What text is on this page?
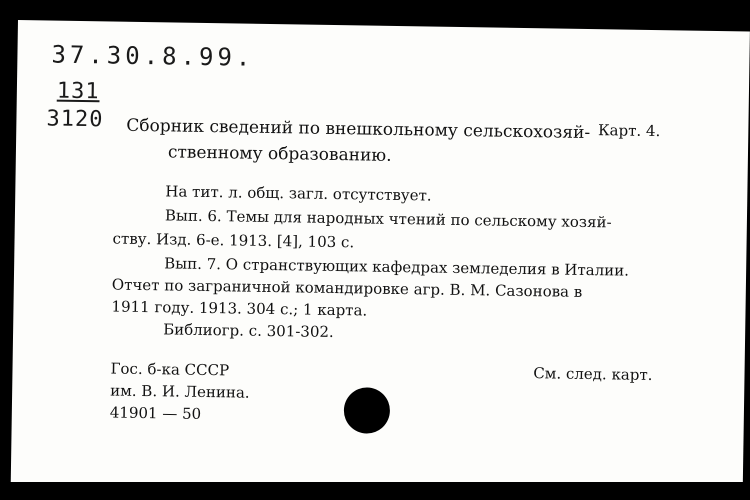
37.30.8.99.
131
3120	Карт. 4.
Сборник сведений по внешкольному сельскохозяй-
ственному образованию.
На тит. л. общ. загл. отсутствует.
Вып. 6. Темы для народных чтений по сельскому хозяй-
ству. Изд. 6-е. 1913. [4], 103 с.
Вып. 7. О странствующих кафедрах земледелия в Италии.
Отчет по заграничной командировке агр. В. М. Сазонова в
1911 году. 1913. 304 с.; 1 карта.
Библиогр. с. 301-302.
Гос. б-ка СССР
им. В. И. Ленина.
41901 — 50
См. след. карт.
